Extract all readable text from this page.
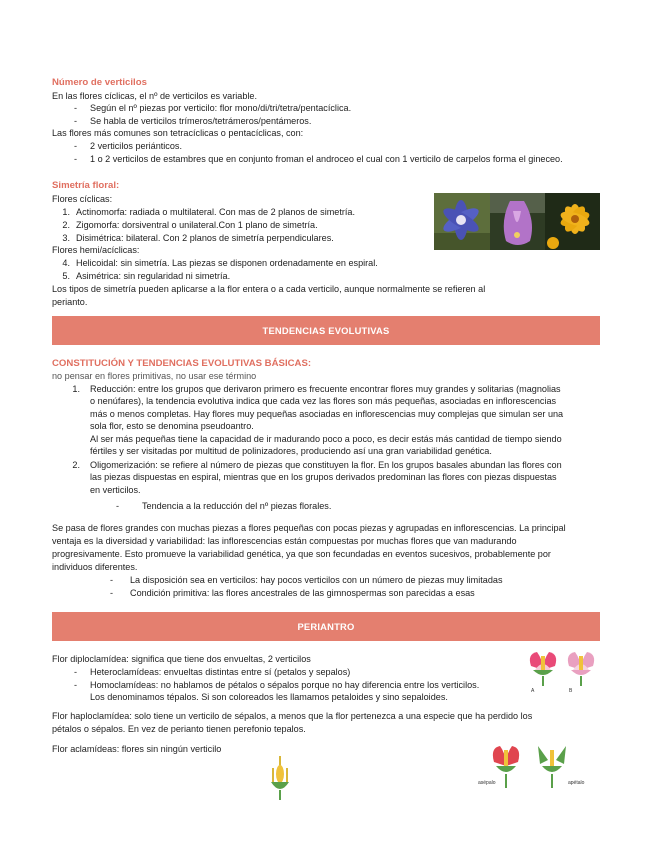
Número de verticilos
En las flores cíclicas, el nº de verticilos es variable.
- Según el nº piezas por verticilo: flor mono/di/tri/tetra/pentacíclica.
- Se habla de verticilos trímeros/tetrámeros/pentámeros.
Las flores más comunes son tetracíclicas o pentacíclicas, con:
- 2 verticilos periánticos.
- 1 o 2 verticilos de estambres que en conjunto froman el androceo el cual con 1 verticilo de carpelos forma el gineceo.
Simetría floral:
Flores cíclicas:
1. Actinomorfa: radiada o multilateral. Con mas de 2 planos de simetría.
2. Zigomorfa: dorsiventral o unilateral.Con 1 plano de simetría.
3. Disimétrica: bilateral. Con 2 planos de simetría perpendiculares.
Flores hemi/acíclicas:
4. Helicoidal: sin simetría. Las piezas se disponen ordenadamente en espiral.
5. Asimétrica: sin regularidad ni simetría.
Los tipos de simetría pueden aplicarse a la flor entera o a cada verticilo, aunque normalmente se refieren al
perianto.
TENDENCIAS EVOLUTIVAS
CONSTITUCIÓN Y TENDENCIAS EVOLUTIVAS BÁSICAS:
no pensar en flores primitivas, no usar ese término
1. Reducción: entre los grupos que derivaron primero es frecuente encontrar flores muy grandes y solitarias (magnolias
o nenúfares), la tendencia evolutiva indica que cada vez las flores son más pequeñas, asociadas en inflorescencias
más o menos completas. Hay flores muy pequeñas asociadas en inflorescencias muy complejas que simulan ser una
sola flor, esto se denomina pseudoantro.
Al ser más pequeñas tiene la capacidad de ir madurando poco a poco, es decir estás más cantidad de tiempo siendo
fértiles y ser visitadas por multitud de polinizadores, produciendo así una gran variabilidad genética.
2. Oligomerización: se refiere al número de piezas que constituyen la flor. En los grupos basales abundan las flores con
las piezas dispuestas en espiral, mientras que en los grupos derivados predominan las flores con piezas dispuestas
en verticilos.
-	Tendencia a la reducción del nº piezas florales.
Se pasa de flores grandes con muchas piezas a flores pequeñas con pocas piezas y agrupadas en inflorescencias. La principal
ventaja es la diversidad y variabilidad: las inflorescencias están compuestas por muchas flores que van madurando
progresivamente. Esto promueve la variabilidad genética, ya que son fecundadas en eventos sucesivos, probablemente por
individuos diferentes.
- La disposición sea en verticilos: hay pocos verticilos con un número de piezas muy limitadas
- Condición primitiva: las flores ancestrales de las gimnospermas son parecidas a esas
PERIANTRO
Flor diploclamídea: significa que tiene dos envueltas, 2 verticilos
- Heteroclamídeas: envueltas distintas entre sí (petalos y sepalos)
- Homoclamídeas: no hablamos de pétalos o sépalos porque no hay diferencia entre los verticilos.
Los denominamos tépalos. Si son coloreados les llamamos petaloides y sino sepaloides.
Flor haploclamídea: solo tiene un verticilo de sépalos, a menos que la flor pertenezca a una especie que ha perdido los
pétalos o sépalos. En vez de perianto tienen perefonio tepalos.
Flor aclamídeas: flores sin ningún verticilo
A	B
asépalo	apétalo
